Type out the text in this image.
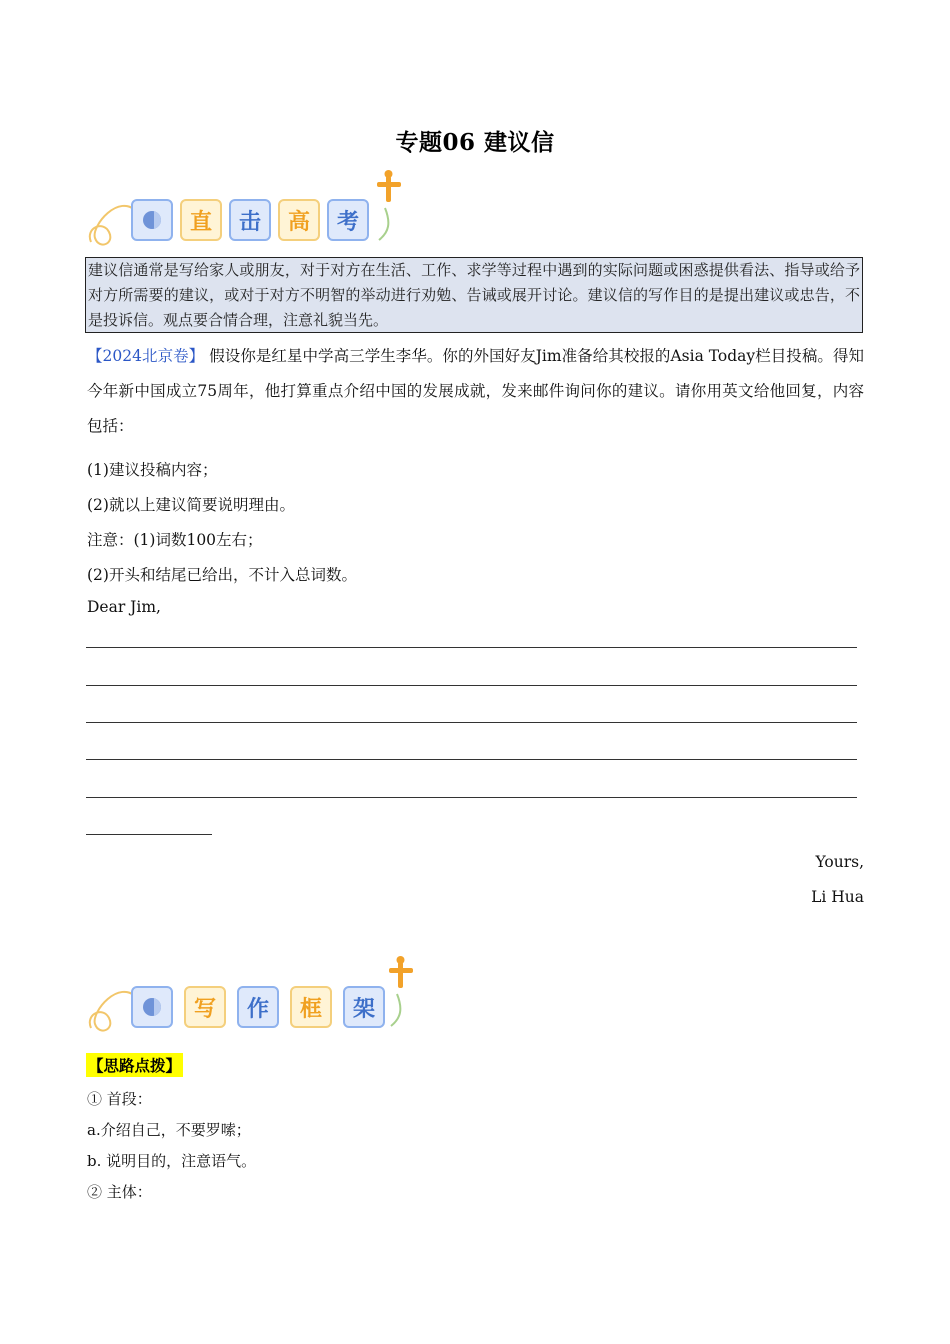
专题06 建议信
直	击	高	考
建议信通常是写给家人或朋友，对于对方在生活、工作、求学等过程中遇到的实际问题或困惑提供看法、指导或给予对方所需要的建议，或对于对方不明智的举动进行劝勉、告诫或展开讨论。建议信的写作目的是提出建议或忠告，不是投诉信。观点要合情合理，注意礼貌当先。
【2024北京卷】 假设你是红星中学高三学生李华。你的外国好友Jim准备给其校报的Asia Today栏目投稿。得知今年新中国成立75周年，他打算重点介绍中国的发展成就，发来邮件询问你的建议。请你用英文给他回复，内容包括：
(1)建议投稿内容；
(2)就以上建议简要说明理由。
注意：(1)词数100左右；
(2)开头和结尾已给出，不计入总词数。
Dear Jim,
Yours,
Li Hua
写	作	框	架
【思路点拨】
① 首段：
a.介绍自己，不要罗嗦；
b. 说明目的，注意语气。
② 主体：
